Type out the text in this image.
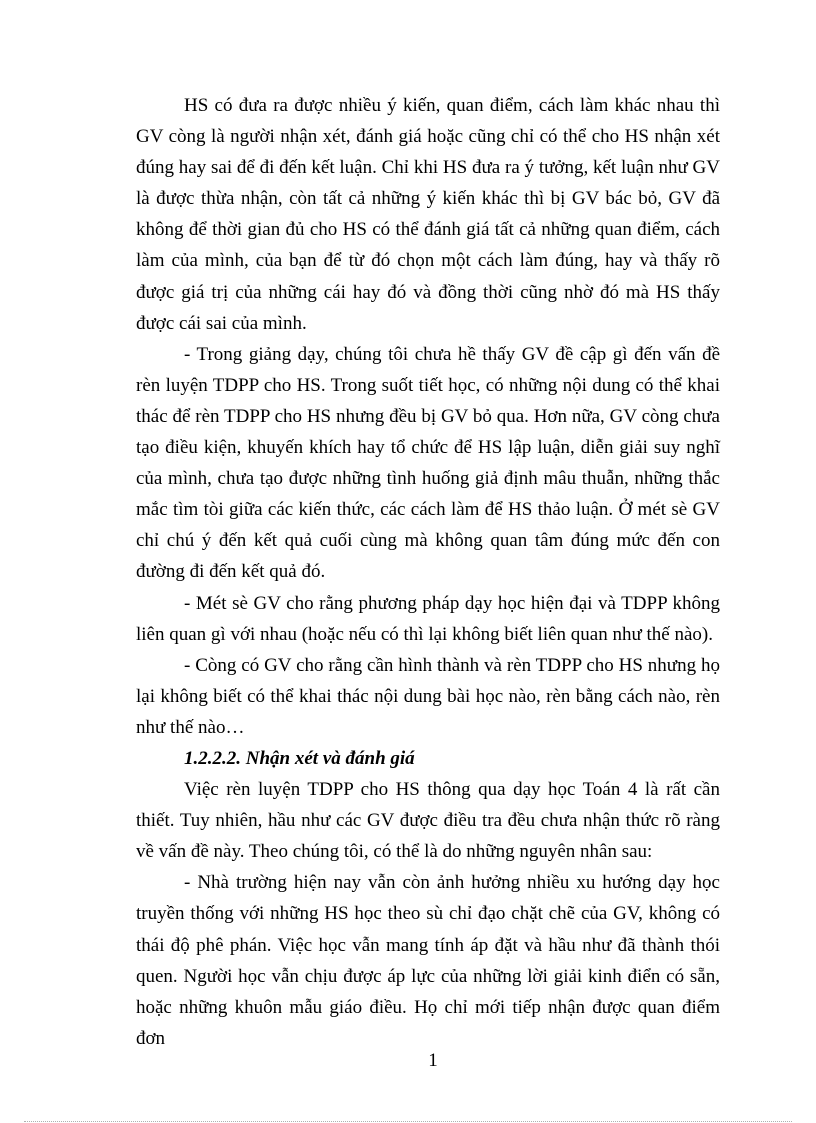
HS có đưa ra được nhiều ý kiến, quan điểm, cách làm khác nhau thì GV còng là người nhận xét, đánh giá hoặc cũng chỉ có thể cho HS nhận xét đúng hay sai để đi đến kết luận. Chỉ khi HS đưa ra ý tưởng, kết luận như GV là được thừa nhận, còn tất cả những ý kiến khác thì bị GV bác bỏ, GV đã không để thời gian đủ cho HS có thể đánh giá tất cả những quan điểm, cách làm của mình, của bạn để từ đó chọn một cách làm đúng, hay và thấy rõ được giá trị của những cái hay đó và đồng thời cũng nhờ đó mà HS thấy được cái sai của mình.

- Trong giảng dạy, chúng tôi chưa hề thấy GV đề cập gì đến vấn đề rèn luyện TDPP cho HS. Trong suốt tiết học, có những nội dung có thể khai thác để rèn TDPP cho HS nhưng đều bị GV bỏ qua. Hơn nữa, GV còng chưa tạo điều kiện, khuyến khích hay tổ chức để HS lập luận, diễn giải suy nghĩ của mình, chưa tạo được những tình huống giả định mâu thuẫn, những thắc mắc tìm tòi giữa các kiến thức, các cách làm để HS thảo luận. Ở mét sè GV chỉ chú ý đến kết quả cuối cùng mà không quan tâm đúng mức đến con đường đi đến kết quả đó.

- Mét sè GV cho rằng phương pháp dạy học hiện đại và TDPP không liên quan gì với nhau (hoặc nếu có thì lại không biết liên quan như thế nào).

- Còng có GV cho rằng cần hình thành và rèn TDPP cho HS nhưng họ lại không biết có thể khai thác nội dung bài học nào, rèn bằng cách nào, rèn như thế nào…

1.2.2.2. Nhận xét và đánh giá

Việc rèn luyện TDPP cho HS thông qua dạy học Toán 4 là rất cần thiết. Tuy nhiên, hầu như các GV được điều tra đều chưa nhận thức rõ ràng về vấn đề này. Theo chúng tôi, có thể là do những nguyên nhân sau:

- Nhà trường hiện nay vẫn còn ảnh hưởng nhiều xu hướng dạy học truyền thống với những HS học theo sù chỉ đạo chặt chẽ của GV, không có thái độ phê phán. Việc học vẫn mang tính áp đặt và hầu như đã thành thói quen. Người học vẫn chịu được áp lực của những lời giải kinh điển có sẵn, hoặc những khuôn mẫu giáo điều. Họ chỉ mới tiếp nhận được quan điểm đơn

1
